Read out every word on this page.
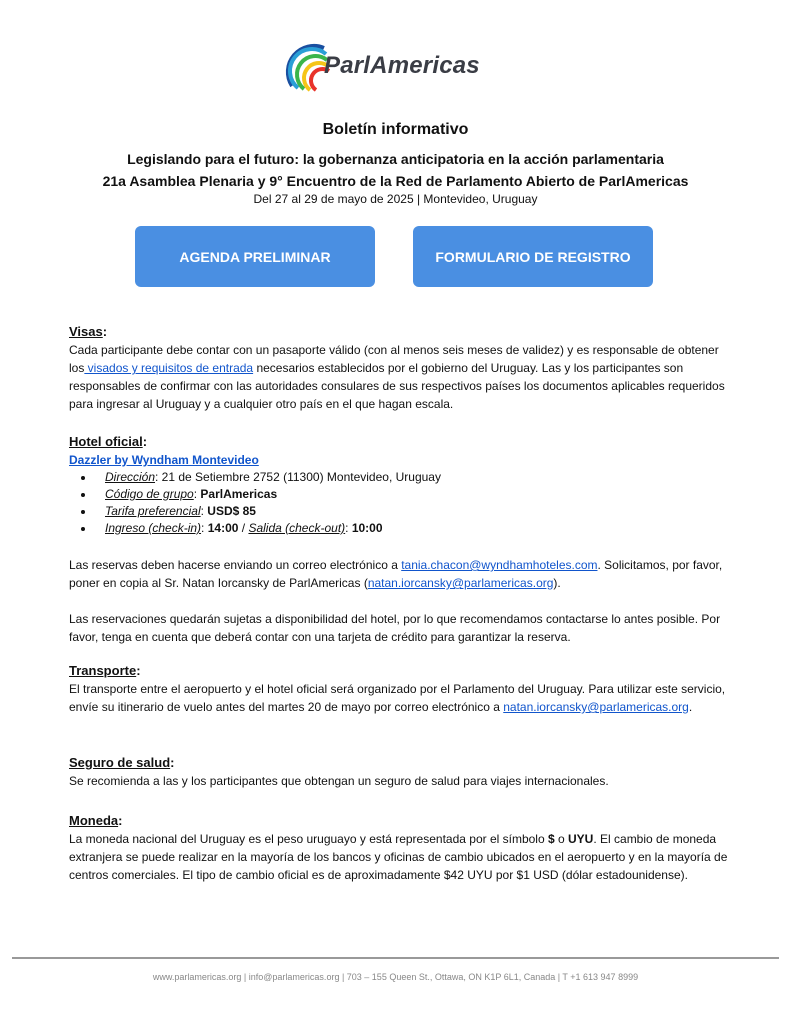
ParlAmericas
Boletín informativo
Legislando para el futuro: la gobernanza anticipatoria en la acción parlamentaria
21a Asamblea Plenaria y 9° Encuentro de la Red de Parlamento Abierto de ParlAmericas
Del 27 al 29 de mayo de 2025 | Montevideo, Uruguay
AGENDA PRELIMINAR	FORMULARIO DE REGISTRO
Visas:
Cada participante debe contar con un pasaporte válido (con al menos seis meses de validez) y es responsable de obtener los visados y requisitos de entrada necesarios establecidos por el gobierno del Uruguay. Las y los participantes son responsables de confirmar con las autoridades consulares de sus respectivos países los documentos aplicables requeridos para ingresar al Uruguay y a cualquier otro país en el que hagan escala.
Hotel oficial:
Dazzler by Wyndham Montevideo
• Dirección: 21 de Setiembre 2752 (11300) Montevideo, Uruguay
• Código de grupo: ParlAmericas
• Tarifa preferencial: USD$ 85
• Ingreso (check-in): 14:00 / Salida (check-out): 10:00
Las reservas deben hacerse enviando un correo electrónico a tania.chacon@wyndhamhoteles.com. Solicitamos, por favor, poner en copia al Sr. Natan Iorcansky de ParlAmericas (natan.iorcansky@parlamericas.org).
Las reservaciones quedarán sujetas a disponibilidad del hotel, por lo que recomendamos contactarse lo antes posible. Por favor, tenga en cuenta que deberá contar con una tarjeta de crédito para garantizar la reserva.
Transporte:
El transporte entre el aeropuerto y el hotel oficial será organizado por el Parlamento del Uruguay. Para utilizar este servicio, envíe su itinerario de vuelo antes del martes 20 de mayo por correo electrónico a natan.iorcansky@parlamericas.org.
Seguro de salud:
Se recomienda a las y los participantes que obtengan un seguro de salud para viajes internacionales.
Moneda:
La moneda nacional del Uruguay es el peso uruguayo y está representada por el símbolo $ o UYU. El cambio de moneda extranjera se puede realizar en la mayoría de los bancos y oficinas de cambio ubicados en el aeropuerto y en la mayoría de centros comerciales. El tipo de cambio oficial es de aproximadamente $42 UYU por $1 USD (dólar estadounidense).
www.parlamericas.org | info@parlamericas.org | 703 – 155 Queen St., Ottawa, ON K1P 6L1, Canada | T +1 613 947 8999
